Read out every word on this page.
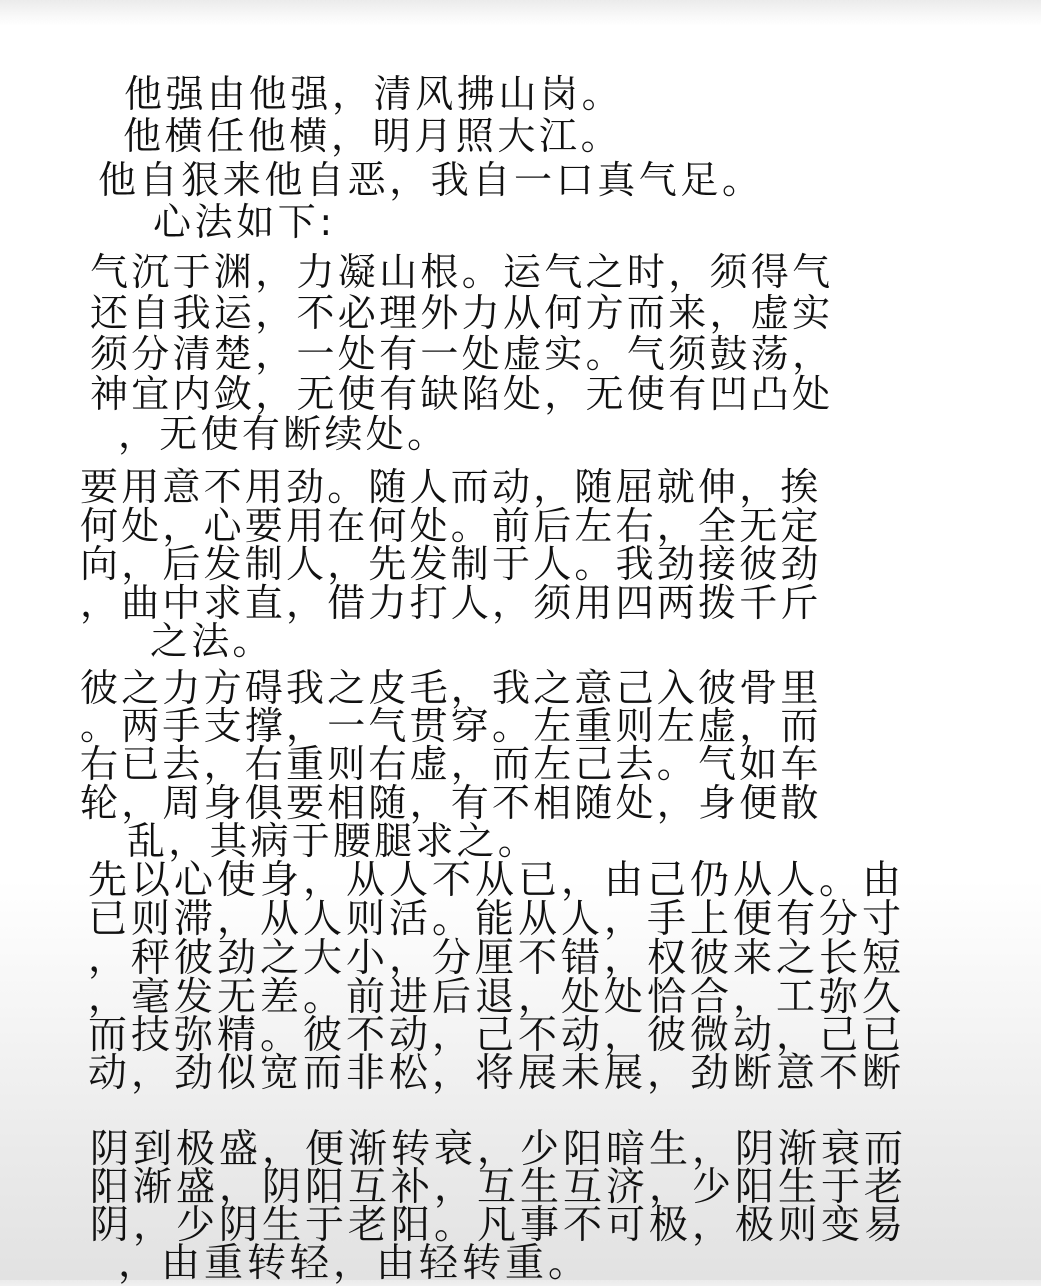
他强由他强，清风拂山岗。
他横任他横，明月照大江。
他自狠来他自恶，我自一口真气足。
心法如下:
气沉于渊，力凝山根。运气之时，须得气
还自我运，不必理外力从何方而来，虚实
须分清楚，一处有一处虚实。气须鼓荡，
神宜内敛，无使有缺陷处，无使有凹凸处
，无使有断续处。
要用意不用劲。随人而动，随屈就伸，挨
何处，心要用在何处。前后左右，全无定
向，后发制人，先发制于人。我劲接彼劲
，曲中求直，借力打人，须用四两拨千斤
之法。
彼之力方碍我之皮毛，我之意己入彼骨里
。两手支撑，一气贯穿。左重则左虚，而
右已去，右重则右虚，而左己去。气如车
轮，周身俱要相随，有不相随处，身便散
乱，其病于腰腿求之。
先以心使身，从人不从已，由己仍从人。由
已则滞，从人则活。能从人，手上便有分寸
，秤彼劲之大小，分厘不错，权彼来之长短
，毫发无差。前进后退，处处恰合，工弥久
而技弥精。彼不动，己不动，彼微动，己已
动，劲似宽而非松，将展未展，劲断意不断
阴到极盛，便渐转衰，少阳暗生，阴渐衰而
阳渐盛，阴阳互补，互生互济，少阳生于老
阴，少阴生于老阳。凡事不可极，极则变易
，由重转轻，由轻转重。
